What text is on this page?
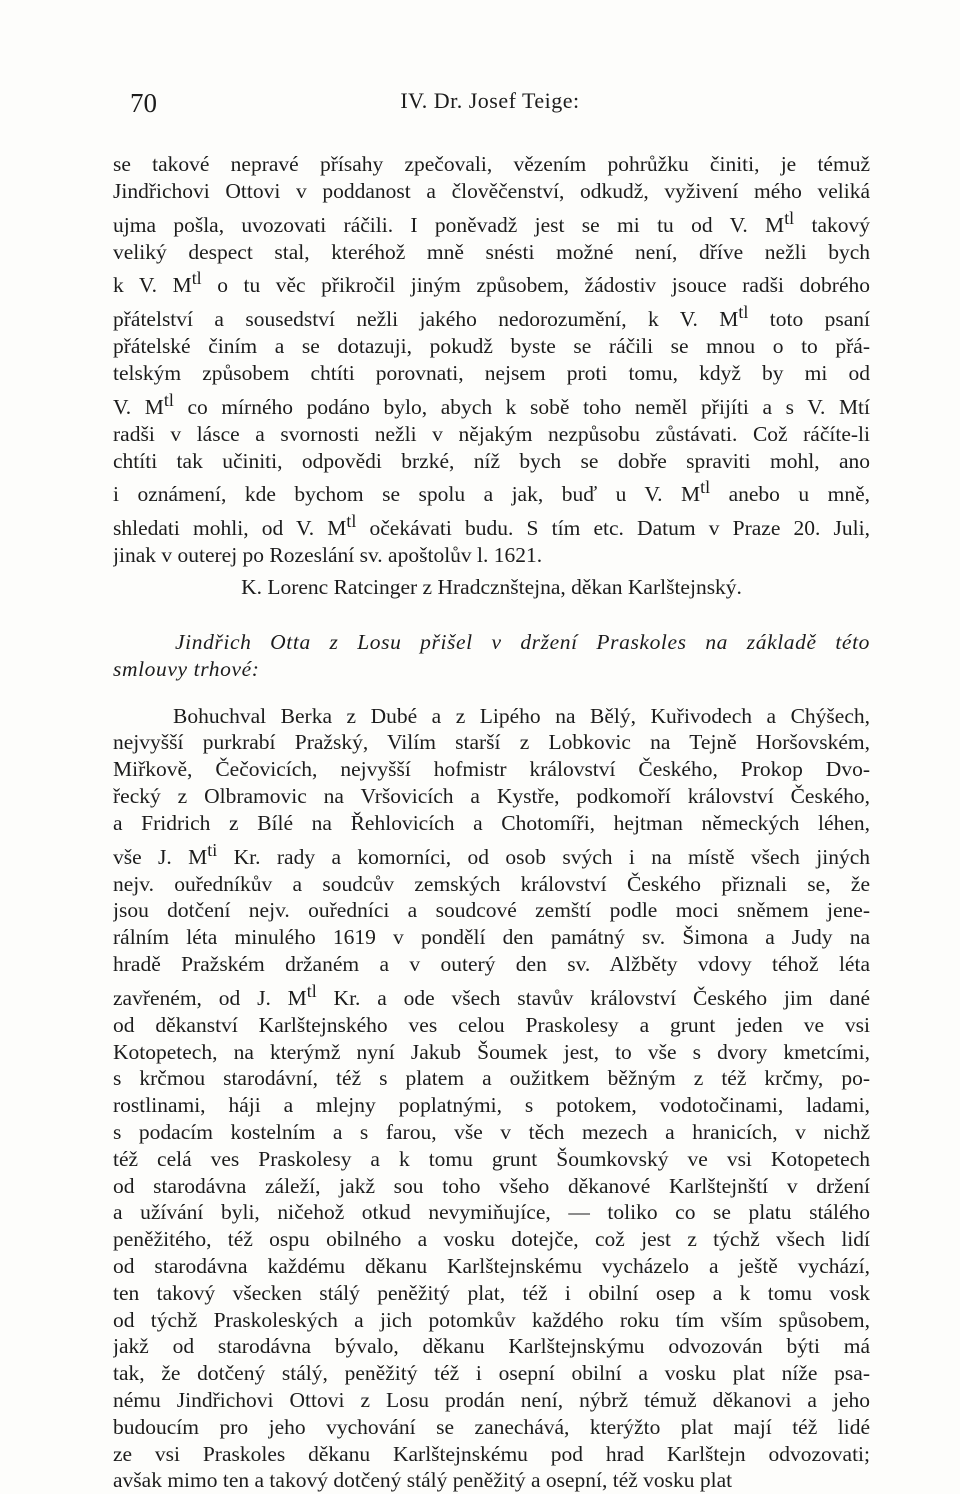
70	IV. Dr. Josef Teige:
se takové nepravé přísahy zpečovali, vězením pohrůžku činiti, je témuž
Jindřichovi Ottovi v poddanost a člověčenství, odkudž, vyživení mého veliká
ujma pošla, uvozovati ráčili. I poněvadž jest se mi tu od V. $M^{tl}$ takový
veliký despect stal, kteréhož mně snésti možné není, dříve nežli bych
k V. $M^{tl}$ o tu věc přikročil jiným způsobem, žádostiv jsouce radši dobrého
přátelství a sousedství nežli jakého nedorozumění, k V. $M^{tl}$ toto psaní
přátelské činím a se dotazuji, pokudž byste se ráčili se mnou o to přá-
telským způsobem chtíti porovnati, nejsem proti tomu, když by mi od
V. $M^{tl}$ co mírného podáno bylo, abych k sobě toho neměl přijíti a s V. Mtí
radši v lásce a svornosti nežli v nějakým nezpůsobu zůstávati. Což ráčíte-li
chtíti tak učiniti, odpovědi brzké, níž bych se dobře spraviti mohl, ano
i oznámení, kde bychom se spolu a jak, buď u V. $M^{tl}$ anebo u mně,
shledati mohli, od V. $M^{tl}$ očekávati budu. S tím etc. Datum v Praze 20. Juli,
jinak v outerej po Rozeslání sv. apoštolův l. 1621.
K. Lorenc Ratcinger z Hradcznštejna, děkan Karlštejnský.
Jindřich Otta z Losu přišel v držení Praskoles na základě této
smlouvy trhové:
Bohuchval Berka z Dubé a z Lipého na Bělý, Kuřivodech a Chýšech,
nejvyšší purkrabí Pražský, Vilím starší z Lobkovic na Tejně Horšovském,
Miřkově, Čečovicích, nejvyšší hofmistr království Českého, Prokop Dvo-
řecký z Olbramovic na Vršovicích a Kystře, podkomoří království Českého,
a Fridrich z Bílé na Řehlovicích a Chotomíři, hejtman německých léhen,
vše J. $M^{ti}$ Kr. rady a komorníci, od osob svých i na místě všech jiných
nejv. ouředníkův a soudcův zemských království Českého přiznali se, že
jsou dotčení nejv. ouředníci a soudcové zemští podle moci sněmem jene-
rálním léta minulého 1619 v pondělí den památný sv. Šimona a Judy na
hradě Pražském držaném a v outerý den sv. Alžběty vdovy téhož léta
zavřeném, od J. $M^{tl}$ Kr. a ode všech stavův království Českého jim dané
od děkanství Karlštejnského ves celou Praskolesy a grunt jeden ve vsi
Kotopetech, na kterýmž nyní Jakub Šoumek jest, to vše s dvory kmetcími,
s krčmou starodávní, též s platem a oužitkem běžným z též krčmy, po-
rostlinami, háji a mlejny poplatnými, s potokem, vodotočinami, ladami,
s podacím kostelním a s farou, vše v těch mezech a hranicích, v nichž
též celá ves Praskolesy a k tomu grunt Šoumkovský ve vsi Kotopetech
od starodávna záleží, jakž sou toho všeho děkanové Karlštejnští v držení
a užívání byli, ničehož otkud nevymiňujíce, — toliko co se platu stálého
peněžitého, též ospu obilného a vosku dotejče, což jest z týchž všech lidí
od starodávna každému děkanu Karlštejnskému vycházelo a ještě vychází,
ten takový všecken stálý peněžitý plat, též i obilní osep a k tomu vosk
od týchž Praskoleských a jich potomkův každého roku tím vším spůsobem,
jakž od starodávna bývalo, děkanu Karlštejnskýmu odvozován býti má
tak, že dotčený stálý, peněžitý též i osepní obilní a vosku plat níže psa-
nému Jindřichovi Ottovi z Losu prodán není, nýbrž témuž děkanovi a jeho
budoucím pro jeho vychování se zanechává, kterýžto plat mají též lidé
ze vsi Praskoles děkanu Karlštejnskému pod hrad Karlštejn odvozovati;
avšak mimo ten a takový dotčený stálý peněžitý a osepní, též vosku plat
